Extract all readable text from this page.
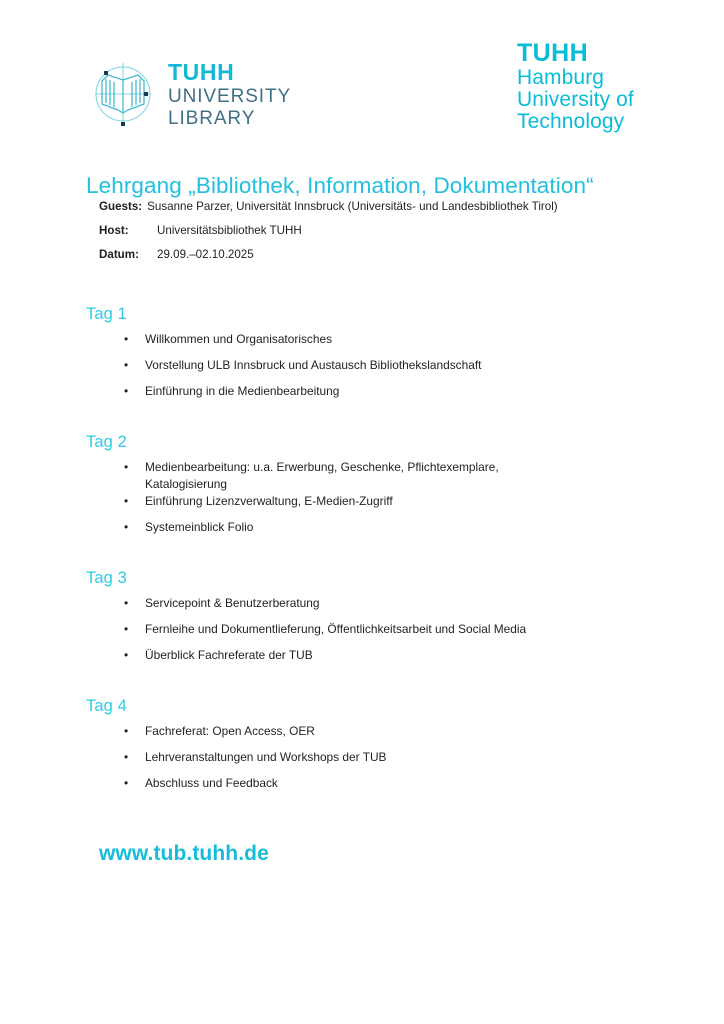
TUHH
UNIVERSITY
LIBRARY
TUHH
Hamburg
University of
Technology
Lehrgang „Bibliothek, Information, Dokumentation“
Guests: Susanne Parzer, Universität Innsbruck (Universitäts- und Landesbibliothek Tirol)
Host:	Universitätsbibliothek TUHH
Datum:	29.09.–02.10.2025
Tag 1
• Willkommen und Organisatorisches
• Vorstellung ULB Innsbruck und Austausch Bibliothekslandschaft
• Einführung in die Medienbearbeitung
Tag 2
• Medienbearbeitung: u.a. Erwerbung, Geschenke, Pflichtexemplare, Katalogisierung
• Einführung Lizenzverwaltung, E-Medien-Zugriff
• Systemeinblick Folio
Tag 3
• Servicepoint & Benutzerberatung
• Fernleihe und Dokumentlieferung, Öffentlichkeitsarbeit und Social Media
• Überblick Fachreferate der TUB
Tag 4
• Fachreferat: Open Access, OER
• Lehrveranstaltungen und Workshops der TUB
• Abschluss und Feedback
www.tub.tuhh.de
